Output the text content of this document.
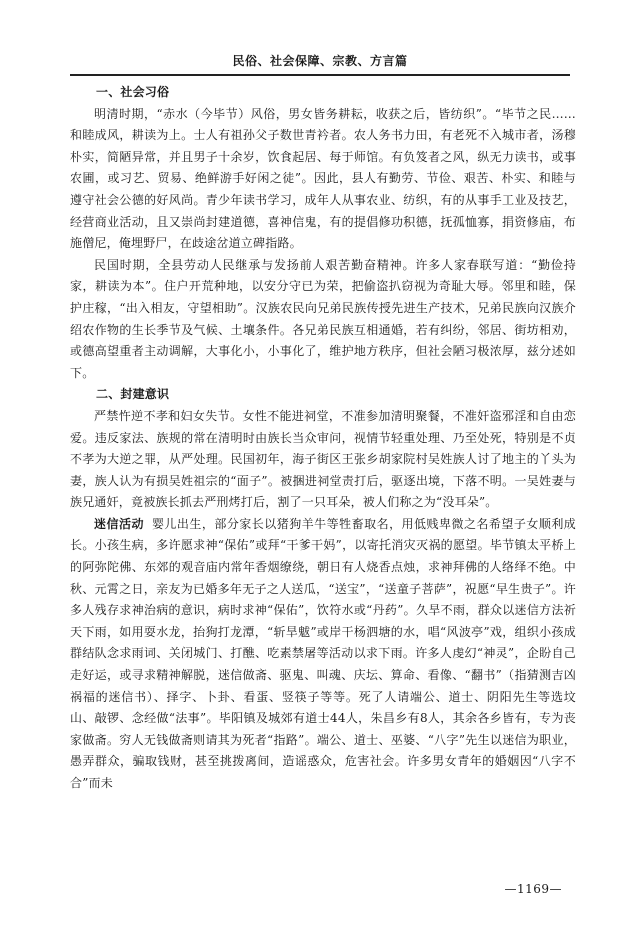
民俗、社会保障、宗教、方言篇

一、社会习俗

明清时期，“赤水（今毕节）风俗，男女皆务耕耘，收获之后，皆纺织”。“毕节之民……和睦成风，耕读为上。士人有祖孙父子数世青衿者。农人务书力田，有老死不入城市者，汤穆朴实，简陋异常，并且男子十余岁，饮食起居、每于师馆。有负笈者之风，纵无力读书，或事农圃，或习艺、贸易、绝鲜游手好闲之徒”。因此，县人有勤劳、节俭、艰苦、朴实、和睦与遵守社会公德的好风尚。青少年读书学习，成年人从事农业、纺织，有的从事手工业及技艺，经营商业活动，且又崇尚封建道德，喜神信鬼，有的提倡修功积德，抚孤恤寡，捐资修庙，布施僧尼，俺埋野尸，在歧途岔道立碑指路。

民国时期，全县劳动人民继承与发扬前人艰苦勤奋精神。许多人家春联写道：“勤俭持家，耕读为本”。住户开荒种地，以安分守已为荣，把偷盗扒窃视为奇耻大辱。邻里和睦，保护庄稼，“出入相友，守望相助”。汉族农民向兄弟民族传授先进生产技术，兄弟民族向汉族介绍农作物的生长季节及气候、土壤条件。各兄弟民族互相通婚，若有纠纷，邻居、街坊相劝，或德高望重者主动调解，大事化小，小事化了，维护地方秩序，但社会陋习极浓厚，兹分述如下。

二、封建意识

严禁忤逆不孝和妇女失节。女性不能进祠堂，不准参加清明聚餐，不准奸盗邪淫和自由恋爱。违反家法、族规的常在清明时由族长当众审问，视情节轻重处理、乃至处死，特别是不贞不孝为大逆之罪，从严处理。民国初年，海子街区王张乡胡家院村吴姓族人讨了地主的丫头为妻，族人认为有损吴姓祖宗的“面子”。被捆进祠堂责打后，驱逐出境，下落不明。一吴姓妻与族兄通奸，竟被族长抓去严刑烤打后，割了一只耳朵，被人们称之为“没耳朵”。

迷信活动 婴儿出生，部分家长以猪狗羊牛等牲畜取名，用低贱卑微之名希望子女顺利成长。小孩生病，多许愿求神“保佑”或拜“干爹干妈”，以寄托消灾灭祸的愿望。毕节镇太平桥上的阿弥陀佛、东郊的观音庙内常年香烟缭绕，朝日有人烧香点烛，求神拜佛的人络绎不绝。中秋、元霄之日，亲友为已婚多年无子之人送瓜，“送宝”，“送童子菩萨”，祝愿“早生贵子”。许多人残存求神治病的意识，病时求神“保佑”，饮符水或“丹药”。久旱不雨，群众以迷信方法祈天下雨，如用耍水龙，抬狗打龙潭，“斩旱魃”或岸干杨泗塘的水，唱“风波亭”戏，组织小孩成群结队念求雨词、关闭城门、打醮、吃素禁屠等活动以求下雨。许多人虔幻“神灵”，企盼自己走好运，或寻求精神解脱，迷信做斋、驱鬼、叫魂、庆坛、算命、看像、“翻书”（指猜测吉凶祸福的迷信书）、择字、卜卦、看蛋、竖筷子等等。死了人请端公、道士、阴阳先生等选坟山、敲锣、念经做“法事”。毕阳镇及城郊有道士44人，朱昌乡有8人，其余各乡皆有，专为丧家做斋。穷人无钱做斋则请其为死者“指路”。端公、道士、巫婆、“八字”先生以迷信为职业，愚弄群众，骗取钱财，甚至挑拨离间，造谣惑众，危害社会。许多男女青年的婚姻因“八字不合”而未

—1169—
